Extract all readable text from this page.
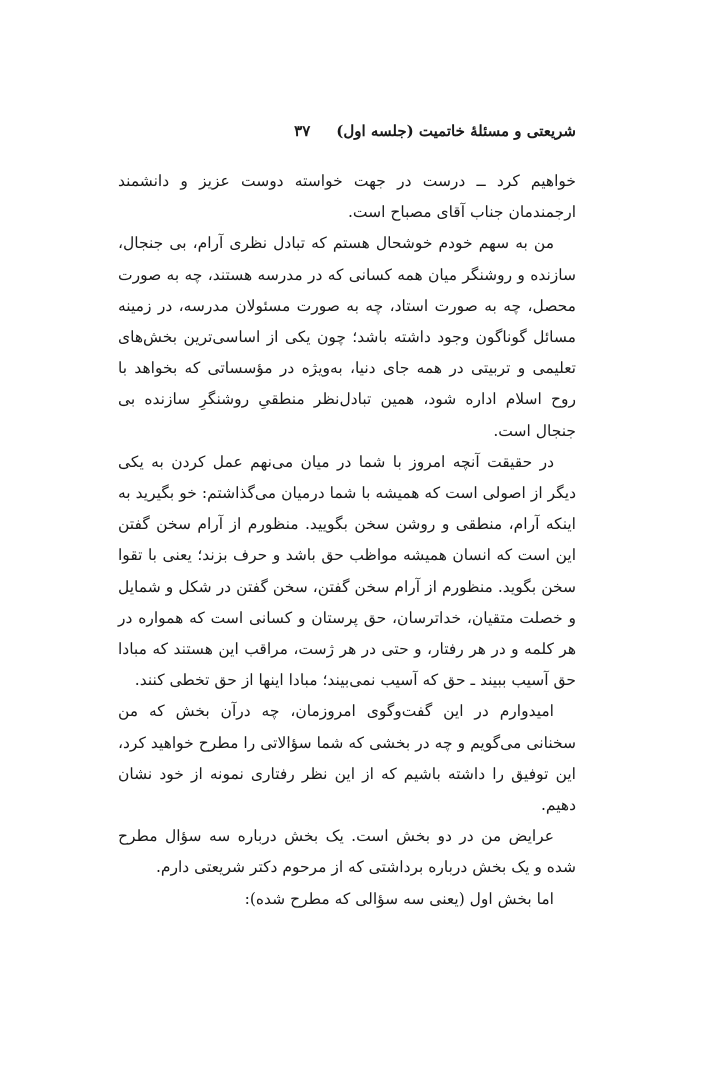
شریعتی و مسئلهٔ خاتمیت (جلسه اول)
۳۷

خواهیم کرد ــ درست در جهت خواسته دوست عزیز و دانشمند ارجمندمان جناب آقای مصباح است.

من به سهم خودم خوشحال هستم که تبادل نظری آرام، بی جنجال، سازنده و روشنگر میان همه کسانی که در مدرسه هستند، چه به صورت محصل، چه به صورت استاد، چه به صورت مسئولان مدرسه، در زمینه مسائل گوناگون وجود داشته باشد؛ چون یکی از اساسی‌ترین بخش‌های تعلیمی و تربیتی در همه جای دنیا، به‌ویژه در مؤسساتی که بخواهد با روح اسلام اداره شود، همین تبادل‌نظر منطقیِ روشنگرِ سازنده بی جنجال است.

در حقیقت آنچه امروز با شما در میان می‌نهم عمل کردن به یکی دیگر از اصولی است که همیشه با شما درمیان می‌گذاشتم: خو بگیرید به اینکه آرام، منطقی و روشن سخن بگویید. منظورم از آرام سخن گفتن این است که انسان همیشه مواظب حق باشد و حرف بزند؛ یعنی با تقوا سخن بگوید. منظورم از آرام سخن گفتن، سخن گفتن در شکل و شمایل و خصلت متقیان، خداترسان، حق پرستان و کسانی است که همواره در هر کلمه و در هر رفتار، و حتی در هر ژست، مراقب این هستند که مبادا حق آسیب ببیند ـ حق که آسیب نمی‌بیند؛ مبادا اینها از حق تخطی کنند.

امیدوارم در این گفت‌وگوی امروزمان، چه درآن بخش که من سخنانی می‌گویم و چه در بخشی که شما سؤالاتی را مطرح خواهید کرد، این توفیق را داشته باشیم که از این نظر رفتاری نمونه از خود نشان دهیم.

عرایض من در دو بخش است. یک بخش درباره سه سؤال مطرح شده و یک بخش درباره برداشتی که از مرحوم دکتر شریعتی دارم.

اما بخش اول (یعنی سه سؤالی که مطرح شده):
